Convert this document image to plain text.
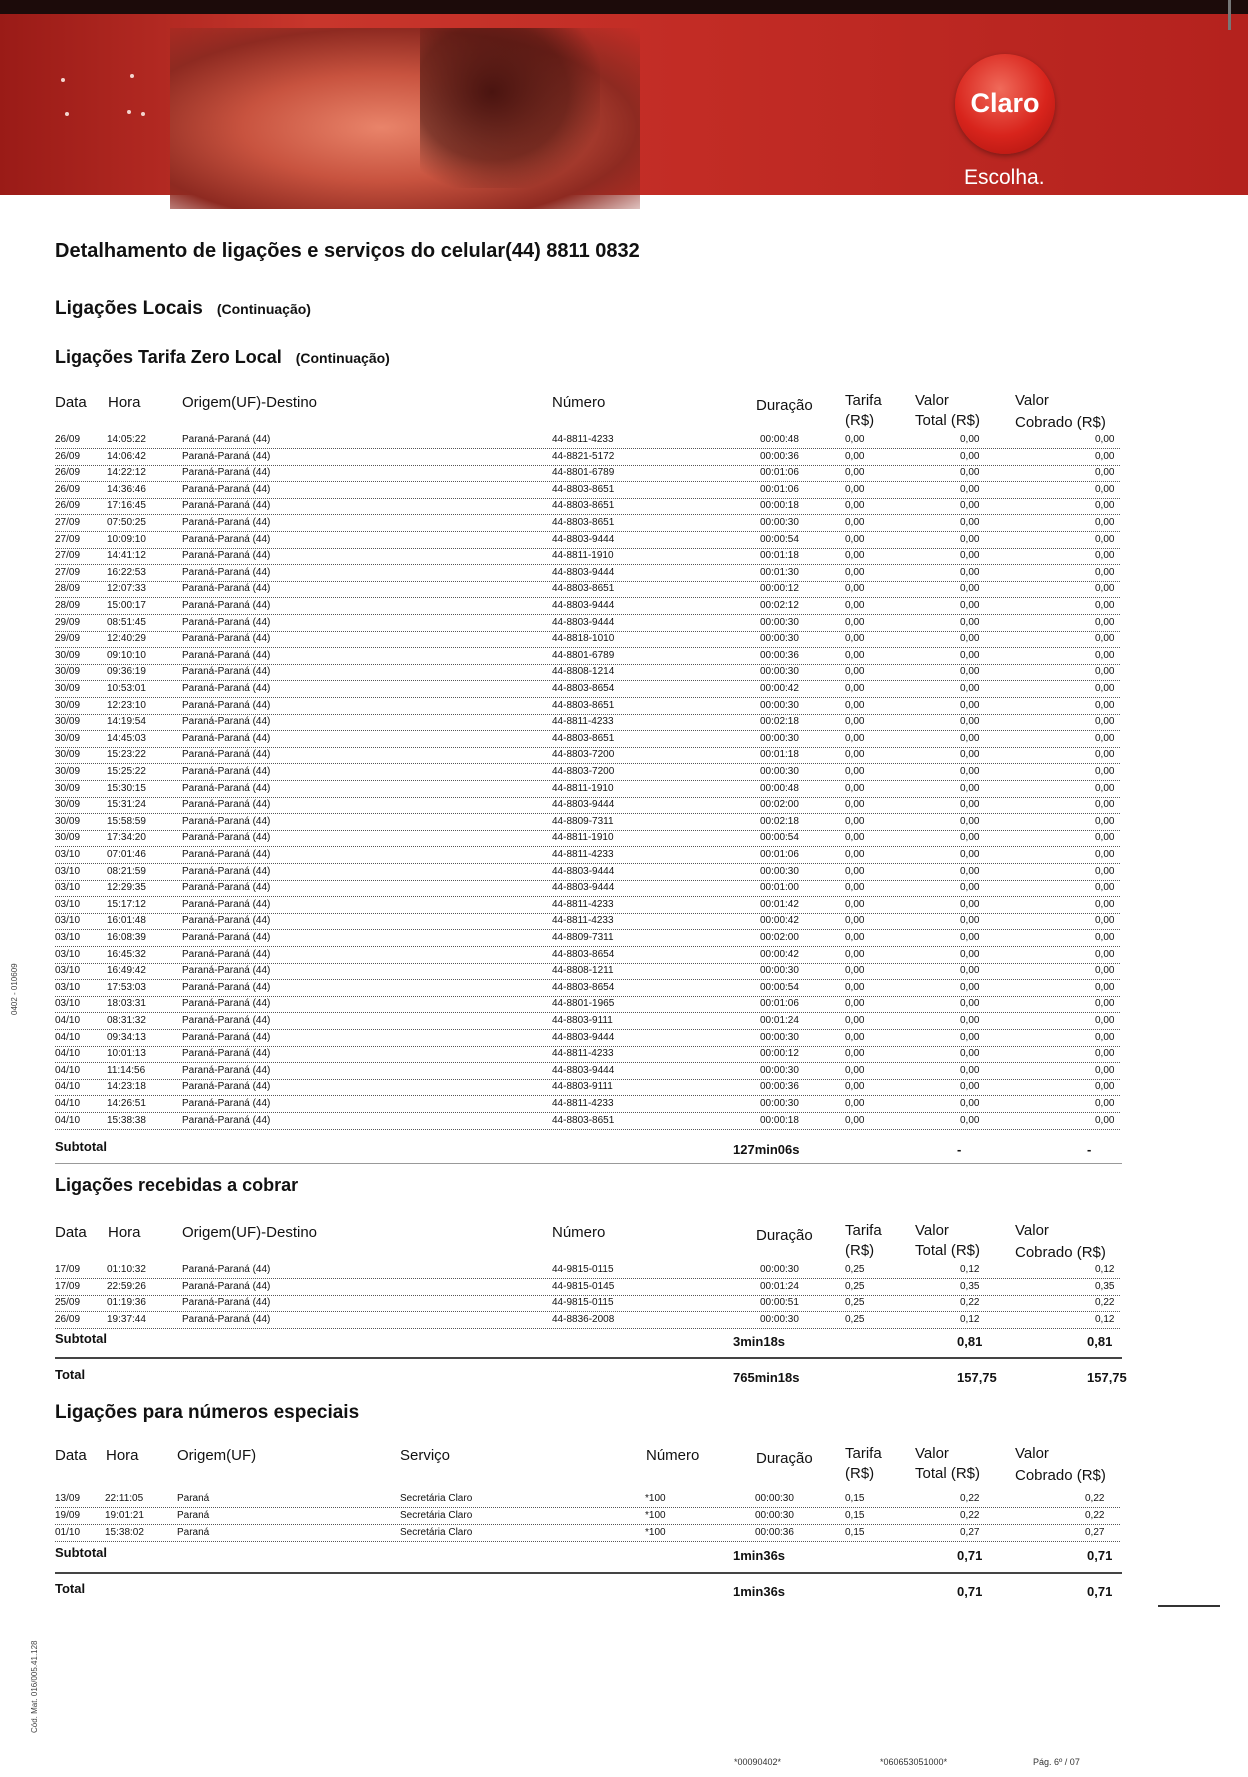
Claro
Escolha.
Detalhamento de ligações e serviços do celular(44) 8811 0832
Ligações Locais (Continuação)
Ligações Tarifa Zero Local (Continuação)
Data Hora	Origem(UF)-Destino	Número	Duração Tarifa
(R$)
Valor
Total (R$)
Valor
Cobrado (R$)
26/09	14:05:22	Paraná-Paraná (44)	44-8811-4233	00:00:48	0,00	0,00	0,00
26/09	14:06:42	Paraná-Paraná (44)	44-8821-5172	00:00:36	0,00	0,00	0,00
26/09	14:22:12	Paraná-Paraná (44)	44-8801-6789	00:01:06	0,00	0,00	0,00
26/09	14:36:46	Paraná-Paraná (44)	44-8803-8651	00:01:06	0,00	0,00	0,00
26/09	17:16:45	Paraná-Paraná (44)	44-8803-8651	00:00:18	0,00	0,00	0,00
27/09	07:50:25	Paraná-Paraná (44)	44-8803-8651	00:00:30	0,00	0,00	0,00
27/09	10:09:10	Paraná-Paraná (44)	44-8803-9444	00:00:54	0,00	0,00	0,00
27/09	14:41:12	Paraná-Paraná (44)	44-8811-1910	00:01:18	0,00	0,00	0,00
27/09	16:22:53	Paraná-Paraná (44)	44-8803-9444	00:01:30	0,00	0,00	0,00
28/09	12:07:33	Paraná-Paraná (44)	44-8803-8651	00:00:12	0,00	0,00	0,00
28/09	15:00:17	Paraná-Paraná (44)	44-8803-9444	00:02:12	0,00	0,00	0,00
29/09	08:51:45	Paraná-Paraná (44)	44-8803-9444	00:00:30	0,00	0,00	0,00
29/09	12:40:29	Paraná-Paraná (44)	44-8818-1010	00:00:30	0,00	0,00	0,00
30/09	09:10:10	Paraná-Paraná (44)	44-8801-6789	00:00:36	0,00	0,00	0,00
30/09	09:36:19	Paraná-Paraná (44)	44-8808-1214	00:00:30	0,00	0,00	0,00
30/09	10:53:01	Paraná-Paraná (44)	44-8803-8654	00:00:42	0,00	0,00	0,00
30/09	12:23:10	Paraná-Paraná (44)	44-8803-8651	00:00:30	0,00	0,00	0,00
30/09	14:19:54	Paraná-Paraná (44)	44-8811-4233	00:02:18	0,00	0,00	0,00
30/09	14:45:03	Paraná-Paraná (44)	44-8803-8651	00:00:30	0,00	0,00	0,00
30/09	15:23:22	Paraná-Paraná (44)	44-8803-7200	00:01:18	0,00	0,00	0,00
30/09	15:25:22	Paraná-Paraná (44)	44-8803-7200	00:00:30	0,00	0,00	0,00
30/09	15:30:15	Paraná-Paraná (44)	44-8811-1910	00:00:48	0,00	0,00	0,00
30/09	15:31:24	Paraná-Paraná (44)	44-8803-9444	00:02:00	0,00	0,00	0,00
30/09	15:58:59	Paraná-Paraná (44)	44-8809-7311	00:02:18	0,00	0,00	0,00
30/09	17:34:20	Paraná-Paraná (44)	44-8811-1910	00:00:54	0,00	0,00	0,00
03/10	07:01:46	Paraná-Paraná (44)	44-8811-4233	00:01:06	0,00	0,00	0,00
03/10	08:21:59	Paraná-Paraná (44)	44-8803-9444	00:00:30	0,00	0,00	0,00
03/10	12:29:35	Paraná-Paraná (44)	44-8803-9444	00:01:00	0,00	0,00	0,00
03/10	15:17:12	Paraná-Paraná (44)	44-8811-4233	00:01:42	0,00	0,00	0,00
03/10	16:01:48	Paraná-Paraná (44)	44-8811-4233	00:00:42	0,00	0,00	0,00
03/10	16:08:39	Paraná-Paraná (44)	44-8809-7311	00:02:00	0,00	0,00	0,00
03/10	16:45:32	Paraná-Paraná (44)	44-8803-8654	00:00:42	0,00	0,00	0,00
03/10	16:49:42	Paraná-Paraná (44)	44-8808-1211	00:00:30	0,00	0,00	0,00
03/10	17:53:03	Paraná-Paraná (44)	44-8803-8654	00:00:54	0,00	0,00	0,00
03/10	18:03:31	Paraná-Paraná (44)	44-8801-1965	00:01:06	0,00	0,00	0,00
04/10	08:31:32	Paraná-Paraná (44)	44-8803-9111	00:01:24	0,00	0,00	0,00
04/10	09:34:13	Paraná-Paraná (44)	44-8803-9444	00:00:30	0,00	0,00	0,00
04/10	10:01:13	Paraná-Paraná (44)	44-8811-4233	00:00:12	0,00	0,00	0,00
04/10	11:14:56	Paraná-Paraná (44)	44-8803-9444	00:00:30	0,00	0,00	0,00
04/10	14:23:18	Paraná-Paraná (44)	44-8803-9111	00:00:36	0,00	0,00	0,00
04/10	14:26:51	Paraná-Paraná (44)	44-8811-4233	00:00:30	0,00	0,00	0,00
04/10	15:38:38	Paraná-Paraná (44)	44-8803-8651	00:00:18	0,00	0,00	0,00
Subtotal	127min06s	-	-
Ligações recebidas a cobrar
Data Hora	Origem(UF)-Destino	Número	Duração Tarifa
(R$)
Valor
Total (R$)
Valor
Cobrado (R$)
17/09	01:10:32	Paraná-Paraná (44)	44-9815-0115	00:00:30	0,25	0,12	0,12
17/09	22:59:26	Paraná-Paraná (44)	44-9815-0145	00:01:24	0,25	0,35	0,35
25/09	01:19:36	Paraná-Paraná (44)	44-9815-0115	00:00:51	0,25	0,22	0,22
26/09	19:37:44	Paraná-Paraná (44)	44-8836-2008	00:00:30	0,25	0,12	0,12
Subtotal	3min18s	0,81	0,81
Total	765min18s	157,75	157,75
Ligações para números especiais
Data Hora	Origem(UF)	Serviço	Número	Duração Tarifa
(R$)
Valor
Total (R$)
Valor
Cobrado (R$)
13/09 22:11:05	Paraná	Secretária Claro	*100	00:00:30	0,15	0,22	0,22
19/09 19:01:21	Paraná	Secretária Claro	*100	00:00:30	0,15	0,22	0,22
01/10 15:38:02	Paraná	Secretária Claro	*100	00:00:36	0,15	0,27	0,27
Subtotal	1min36s	0,71	0,71
Total	1min36s	0,71	0,71
0402 - 010609
Cód. Mat. 016/005.41.128
*00090402*	*060653051000*	Pág. 6º / 07
